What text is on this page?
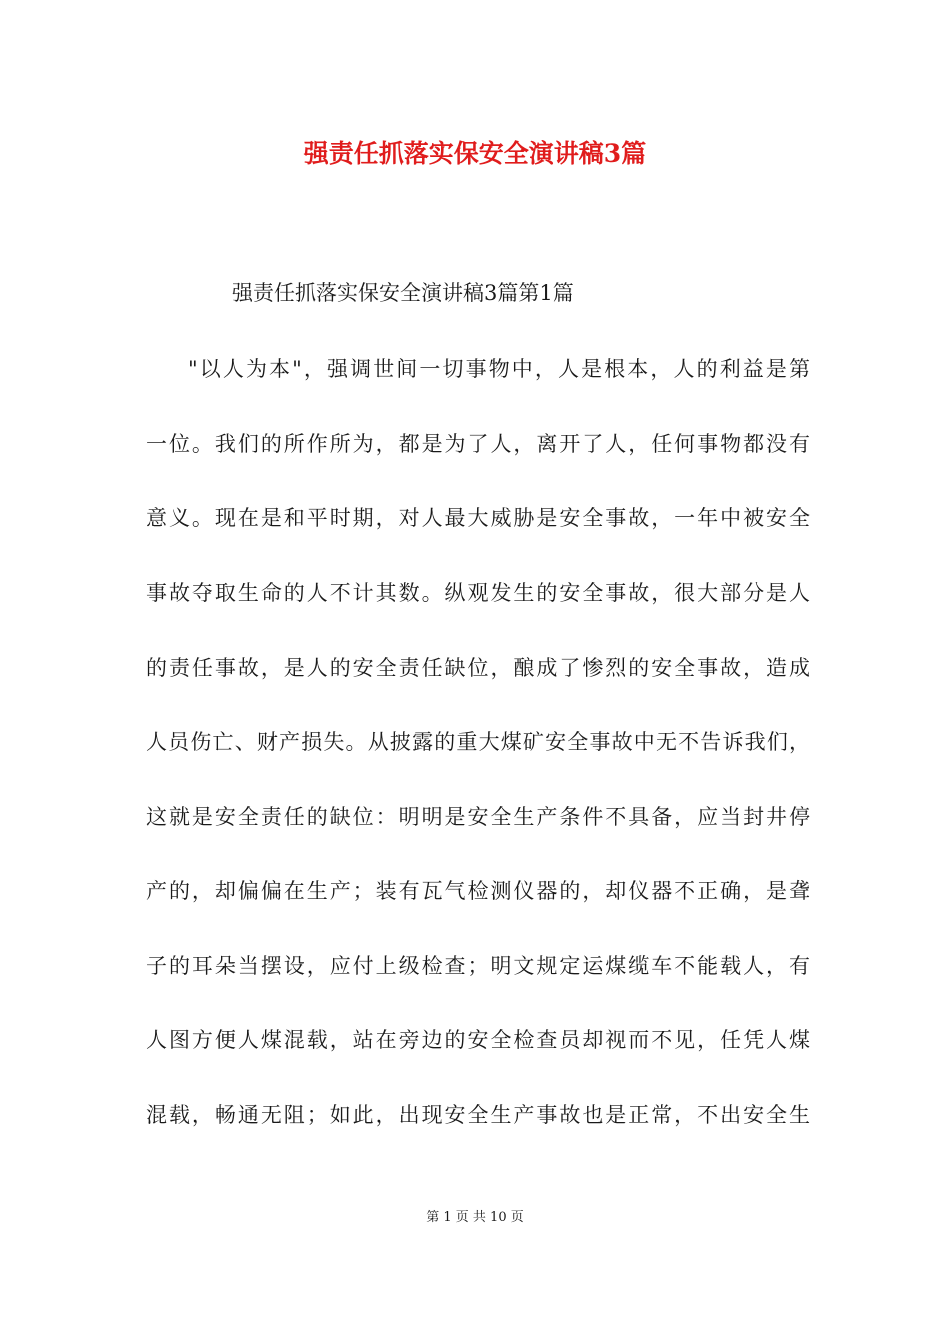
强责任抓落实保安全演讲稿3篇
强责任抓落实保安全演讲稿3篇第1篇
"以人为本"，强调世间一切事物中，人是根本，人的利益是第
一位。我们的所作所为，都是为了人，离开了人，任何事物都没有
意义。现在是和平时期，对人最大威胁是安全事故，一年中被安全
事故夺取生命的人不计其数。纵观发生的安全事故，很大部分是人
的责任事故，是人的安全责任缺位，酿成了惨烈的安全事故，造成
人员伤亡、财产损失。从披露的重大煤矿安全事故中无不告诉我们，
这就是安全责任的缺位：明明是安全生产条件不具备，应当封井停
产的，却偏偏在生产；装有瓦气检测仪器的，却仪器不正确，是聋
子的耳朵当摆设，应付上级检查；明文规定运煤缆车不能载人，有
人图方便人煤混载，站在旁边的安全检查员却视而不见，任凭人煤
混载，畅通无阻；如此，出现安全生产事故也是正常，不出安全生
第 1 页 共 10 页
